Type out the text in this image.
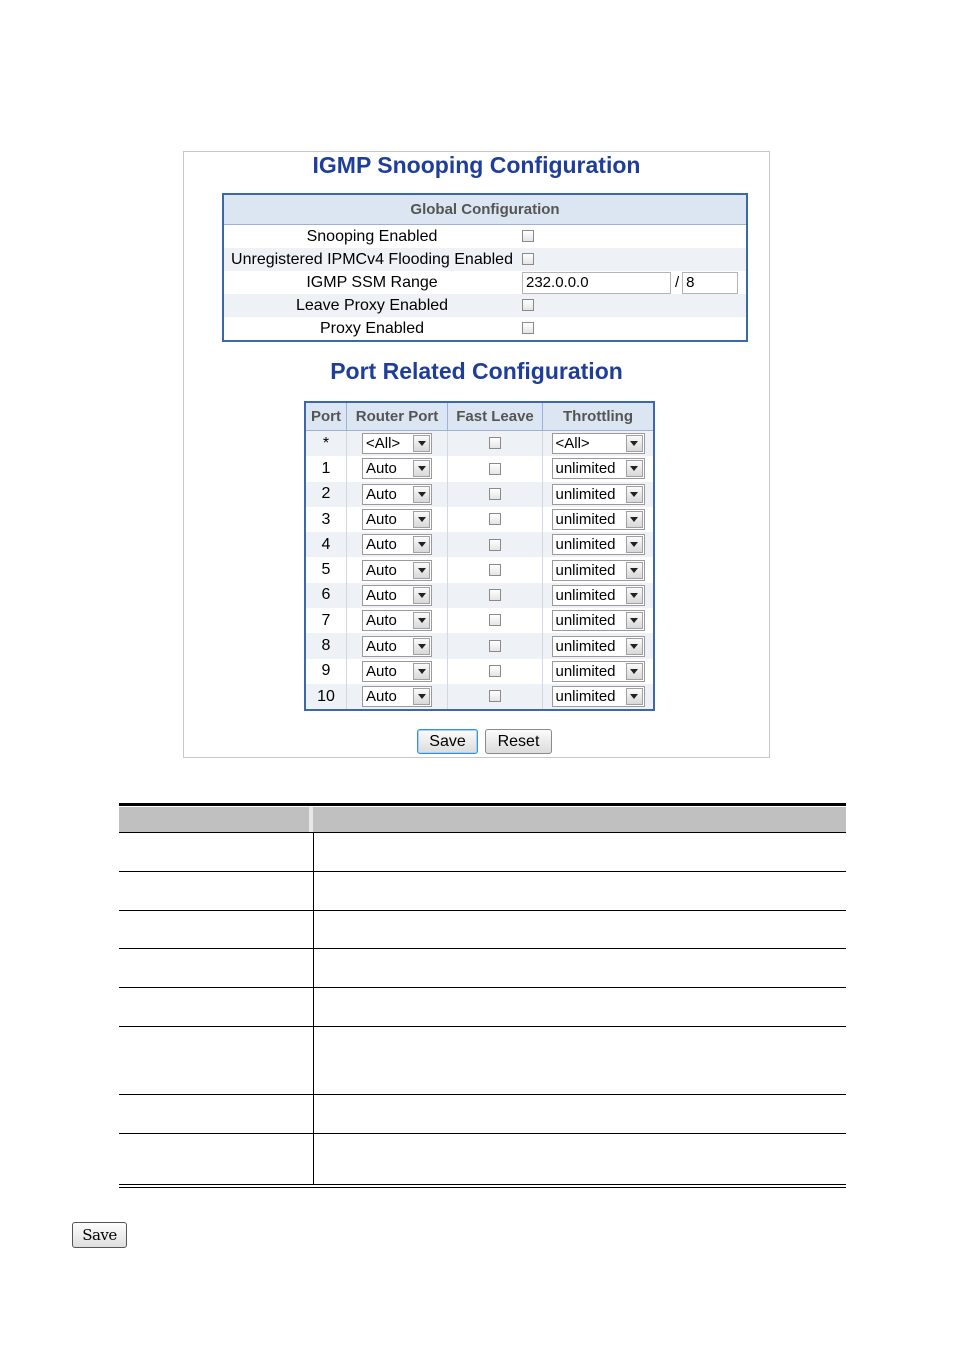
IGMP Snooping Configuration
Global Configuration	
Snooping Enabled	
Unregistered IPMCv4 Flooding Enabled	
IGMP SSM Range	232.0.0.0 / 8
Leave Proxy Enabled	
Proxy Enabled	
Port Related Configuration
Port	Router Port	Fast Leave	Throttling
*	<All>		<All>

1	Auto		unlimited

2	Auto		unlimited

3	Auto		unlimited

4	Auto		unlimited

5	Auto		unlimited

6	Auto		unlimited

7	Auto		unlimited

8	Auto		unlimited

9	Auto		unlimited

10	Auto		unlimited
Save	Reset
Save
